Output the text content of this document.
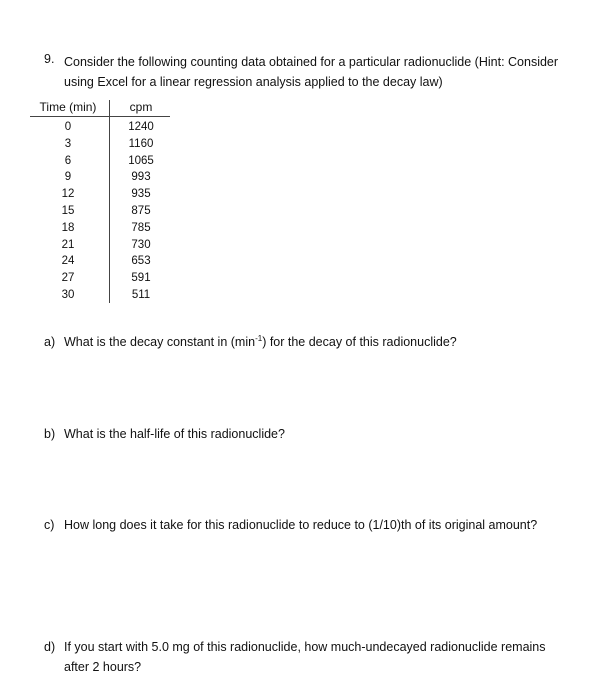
9. Consider the following counting data obtained for a particular radionuclide (Hint: Consider using Excel for a linear regression analysis applied to the decay law)
Time (min)	cpm
0	1240
3	1160
6	1065
9	993
12	935
15	875
18	785
21	730
24	653
27	591
30	511
a) What is the decay constant in $(\min^{-1})$ for the decay of this radionuclide?
b) What is the half-life of this radionuclide?
c) How long does it take for this radionuclide to reduce to (1/10)th of its original amount?
d) If you start with 5.0 mg of this radionuclide, how much-undecayed radionuclide remains after 2 hours?
